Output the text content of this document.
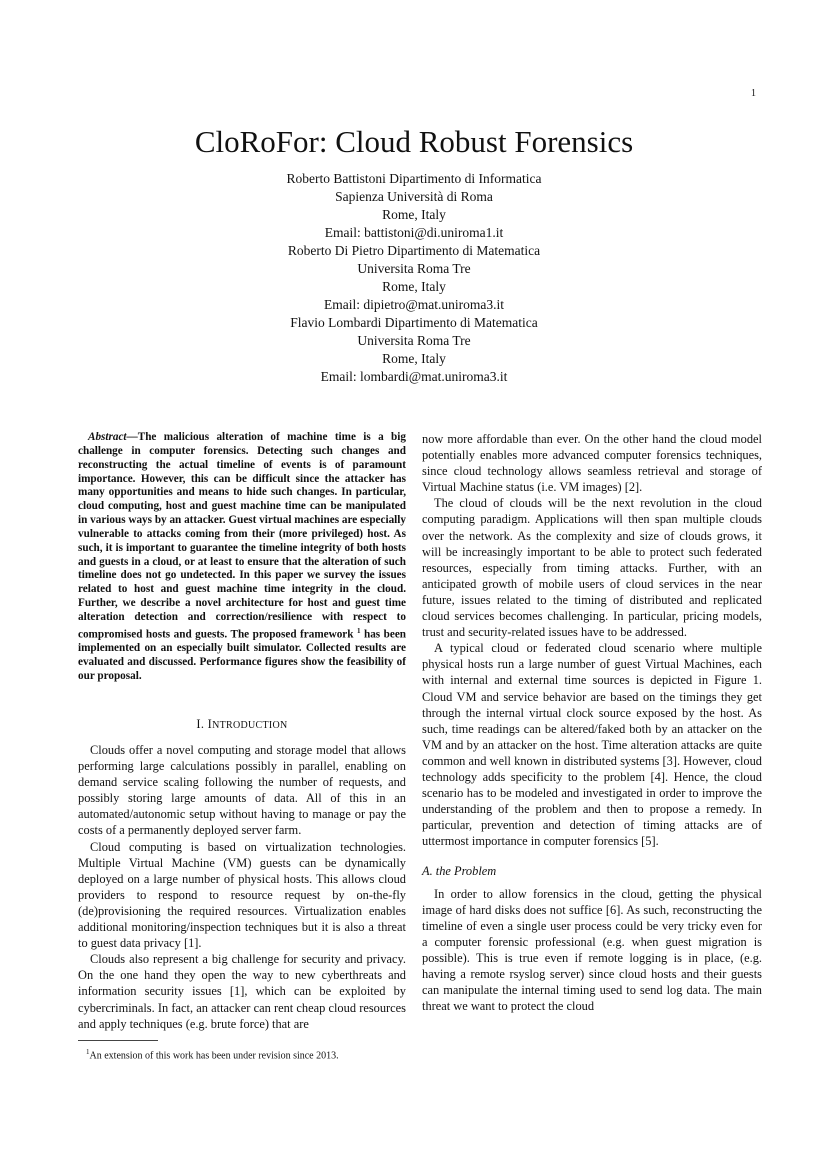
1
CloRoFor: Cloud Robust Forensics
Roberto Battistoni Dipartimento di Informatica
Sapienza Università di Roma
Rome, Italy
Email: battistoni@di.uniroma1.it
Roberto Di Pietro Dipartimento di Matematica
Universita Roma Tre
Rome, Italy
Email: dipietro@mat.uniroma3.it
Flavio Lombardi Dipartimento di Matematica
Universita Roma Tre
Rome, Italy
Email: lombardi@mat.uniroma3.it

Abstract—The malicious alteration of machine time is a big challenge in computer forensics. Detecting such changes and reconstructing the actual timeline of events is of paramount importance. However, this can be difficult since the attacker has many opportunities and means to hide such changes. In particular, cloud computing, host and guest machine time can be manipulated in various ways by an attacker. Guest virtual machines are especially vulnerable to attacks coming from their (more privileged) host. As such, it is important to guarantee the timeline integrity of both hosts and guests in a cloud, or at least to ensure that the alteration of such timeline does not go undetected. In this paper we survey the issues related to host and guest machine time integrity in the cloud. Further, we describe a novel architecture for host and guest time alteration detection and correction/resilience with respect to compromised hosts and guests. The proposed framework $^1$ has been implemented on an especially built simulator. Collected results are evaluated and discussed. Performance figures show the feasibility of our proposal.

I. INTRODUCTION

Clouds offer a novel computing and storage model that allows performing large calculations possibly in parallel, enabling on demand service scaling following the number of requests, and possibly storing large amounts of data. All of this in an automated/autonomic setup without having to manage or pay the costs of a permanently deployed server farm.

Cloud computing is based on virtualization technologies. Multiple Virtual Machine (VM) guests can be dynamically deployed on a large number of physical hosts. This allows cloud providers to respond to resource request by on-the-fly (de)provisioning the required resources. Virtualization enables additional monitoring/inspection techniques but it is also a threat to guest data privacy [1].

Clouds also represent a big challenge for security and privacy. On the one hand they open the way to new cyberthreats and information security issues [1], which can be exploited by cybercriminals. In fact, an attacker can rent cheap cloud resources and apply techniques (e.g. brute force) that are

now more affordable than ever. On the other hand the cloud model potentially enables more advanced computer forensics techniques, since cloud technology allows seamless retrieval and storage of Virtual Machine status (i.e. VM images) [2].

The cloud of clouds will be the next revolution in the cloud computing paradigm. Applications will then span multiple clouds over the network. As the complexity and size of clouds grows, it will be increasingly important to be able to protect such federated resources, especially from timing attacks. Further, with an anticipated growth of mobile users of cloud services in the near future, issues related to the timing of distributed and replicated cloud services becomes challenging. In particular, pricing models, trust and security-related issues have to be addressed.

A typical cloud or federated cloud scenario where multiple physical hosts run a large number of guest Virtual Machines, each with internal and external time sources is depicted in Figure 1. Cloud VM and service behavior are based on the timings they get through the internal virtual clock source exposed by the host. As such, time readings can be altered/faked both by an attacker on the VM and by an attacker on the host. Time alteration attacks are quite common and well known in distributed systems [3]. However, cloud technology adds specificity to the problem [4]. Hence, the cloud scenario has to be modeled and investigated in order to improve the understanding of the problem and then to propose a remedy. In particular, prevention and detection of timing attacks are of uttermost importance in computer forensics [5].

A. the Problem

In order to allow forensics in the cloud, getting the physical image of hard disks does not suffice [6]. As such, reconstructing the timeline of even a single user process could be very tricky even for a computer forensic professional (e.g. when guest migration is possible). This is true even if remote logging is in place, (e.g. having a remote rsyslog server) since cloud hosts and their guests can manipulate the internal timing used to send log data. The main threat we want to protect the cloud

$^1$An extension of this work has been under revision since 2013.
